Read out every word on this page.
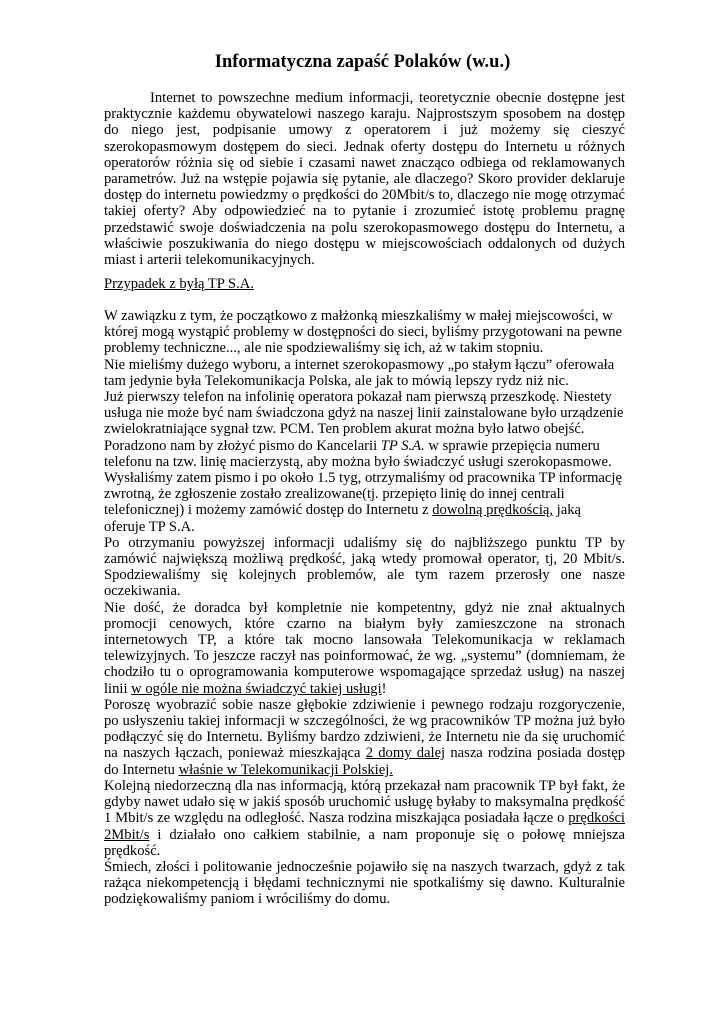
Informatyczna zapaść Polaków (w.u.)

Internet to powszechne medium informacji, teoretycznie obecnie dostępne jest praktycznie każdemu obywatelowi naszego karaju. Najprostszym sposobem na dostęp do niego jest, podpisanie umowy z operatorem i już możemy się cieszyć szerokopasmowym dostępem do sieci. Jednak oferty dostępu do Internetu u różnych operatorów różnia się od siebie i czasami nawet znacząco odbiega od reklamowanych parametrów. Już na wstępie pojawia się pytanie, ale dlaczego? Skoro provider deklaruje dostęp do internetu powiedzmy o prędkości do 20Mbit/s to, dlaczego nie mogę otrzymać takiej oferty? Aby odpowiedzieć na to pytanie i zrozumieć istotę problemu pragnę przedstawić swoje doświadczenia na polu szerokopasmowego dostępu do Internetu, a właściwie poszukiwania do niego dostępu w miejscowościach oddalonych od dużych miast i arterii telekomunikacyjnych.

Przypadek z byłą TP S.A.

W zawiązku z tym, że początkowo z małżonką mieszkaliśmy w małej miejscowości, w której mogą wystąpić problemy w dostępności do sieci, byliśmy przygotowani na pewne problemy techniczne..., ale nie spodziewaliśmy się ich, aż w takim stopniu.

Nie mieliśmy dużego wyboru, a internet szerokopasmowy „po stałym łączu” oferowała tam jedynie była Telekomunikacja Polska, ale jak to mówią lepszy rydz niż nic.

Już pierwszy telefon na infolinię operatora pokazał nam pierwszą przeszkodę. Niestety usługa nie może być nam świadczona gdyż na naszej linii zainstalowane było urządzenie zwielokratniające sygnał tzw. PCM. Ten problem akurat można było łatwo obejść. Poradzono nam by złożyć pismo do Kancelarii TP S.A. w sprawie przepięcia numeru telefonu na tzw. linię macierzystą, aby można było świadczyć usługi szerokopasmowe. Wysłaliśmy zatem pismo i po około 1.5 tyg, otrzymaliśmy od pracownika TP informację zwrotną, że zgłoszenie zostało zrealizowane(tj. przepięto linię do innej centrali telefonicznej) i możemy zamówić dostęp do Internetu z dowolną prędkością, jaką oferuje TP S.A.

Po otrzymaniu powyższej informacji udaliśmy się do najbliższego punktu TP by zamówić największą możliwą prędkość, jaką wtedy promował operator, tj, 20 Mbit/s. Spodziewaliśmy się kolejnych problemów, ale tym razem przerosły one nasze oczekiwania.

Nie dość, że doradca był kompletnie nie kompetentny, gdyż nie znał aktualnych promocji cenowych, które czarno na białym były zamieszczone na stronach internetowych TP, a które tak mocno lansowała Telekomunikacja w reklamach telewizyjnych. To jeszcze raczył nas poinformować, że wg. „systemu” (domniemam, że chodziło tu o oprogramowania komputerowe wspomagające sprzedaż usług) na naszej linii w ogóle nie można świadczyć takiej usługi!

Poroszę wyobrazić sobie nasze głębokie zdziwienie i pewnego rodzaju rozgoryczenie, po usłyszeniu takiej informacji w szczególności, że wg pracowników TP można już było podłączyć się do Internetu. Byliśmy bardzo zdziwieni, że Internetu nie da się uruchomić na naszych łączach, ponieważ mieszkająca 2 domy dalej nasza rodzina posiada dostęp do Internetu właśnie w Telekomunikacji Polskiej.

Kolejną niedorzeczną dla nas informacją, którą przekazał nam pracownik TP był fakt, że gdyby nawet udało się w jakiś sposób uruchomić usługę byłaby to maksymalna prędkość 1 Mbit/s ze względu na odległość. Nasza rodzina miszkająca posiadała łącze o prędkości 2Mbit/s i działało ono całkiem stabilnie, a nam proponuje się o połowę mniejsza prędkość.

Śmiech, złości i politowanie jednocześnie pojawiło się na naszych twarzach, gdyż z tak rażąca niekompetencją i błędami technicznymi nie spotkaliśmy się dawno. Kulturalnie podziękowaliśmy paniom i wróciliśmy do domu.
